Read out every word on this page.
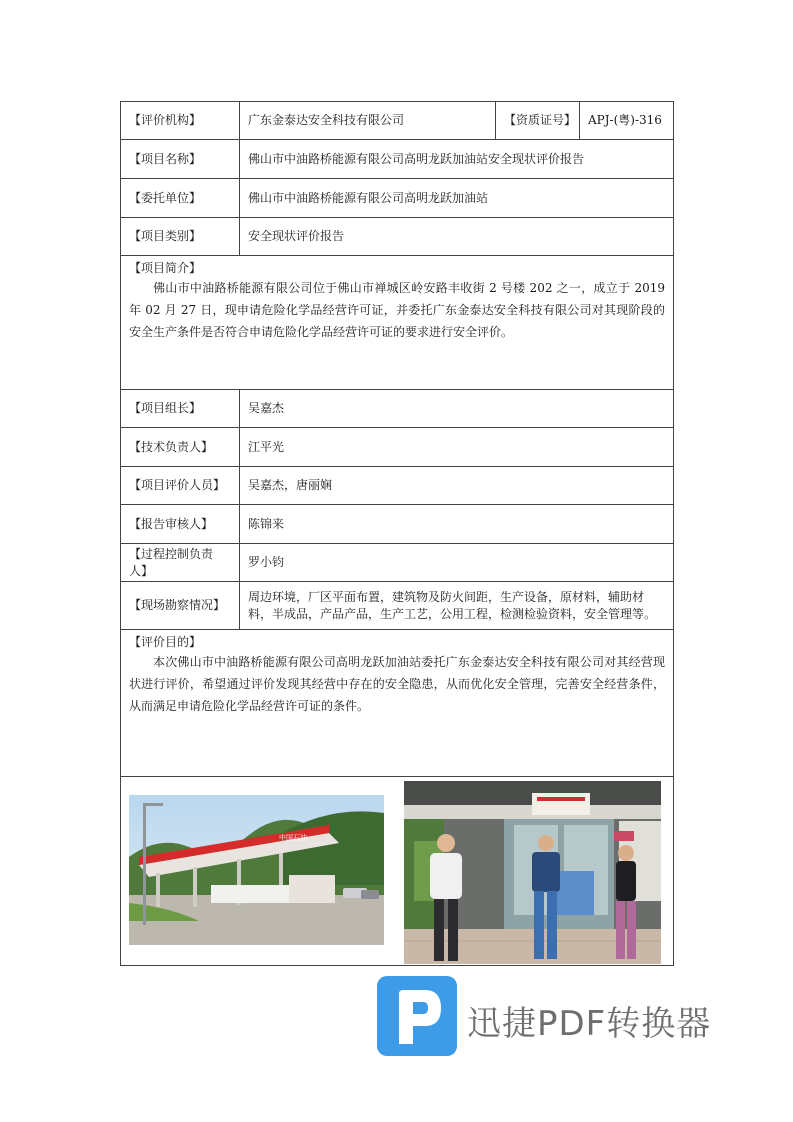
【评价机构】	广东金泰达安全科技有限公司	【资质证号】	APJ-(粤)-316
【项目名称】	佛山市中油路桥能源有限公司高明龙跃加油站安全现状评价报告		
【委托单位】	佛山市中油路桥能源有限公司高明龙跃加油站		
【项目类别】	安全现状评价报告		

【项目简介】
佛山市中油路桥能源有限公司位于佛山市禅城区岭安路丰收街 2 号楼 202 之一，成立于 2019 年 02 月 27 日，现申请危险化学品经营许可证，并委托广东金泰达安全科技有限公司对其现阶段的安全生产条件是否符合申请危险化学品经营许可证的要求进行安全评价。			

【项目组长】	吴嘉杰		
【技术负责人】	江平光		
【项目评价人员】	吴嘉杰，唐丽娴		
【报告审核人】	陈锦来		
【过程控制负责人】	罗小钧		
【现场勘察情况】	周边环境，厂区平面布置，建筑物及防火间距，生产设备，原材料，辅助材料，半成品，产品产品，生产工艺，公用工程，检测检验资料，安全管理等。		

【评价目的】
本次佛山市中油路桥能源有限公司高明龙跃加油站委托广东金泰达安全科技有限公司对其经营现状进行评价，希望通过评价发现其经营中存在的安全隐患，从而优化安全管理，完善安全经营条件，从而满足申请危险化学品经营许可证的条件。			

中国石油			
迅捷PDF转换器
